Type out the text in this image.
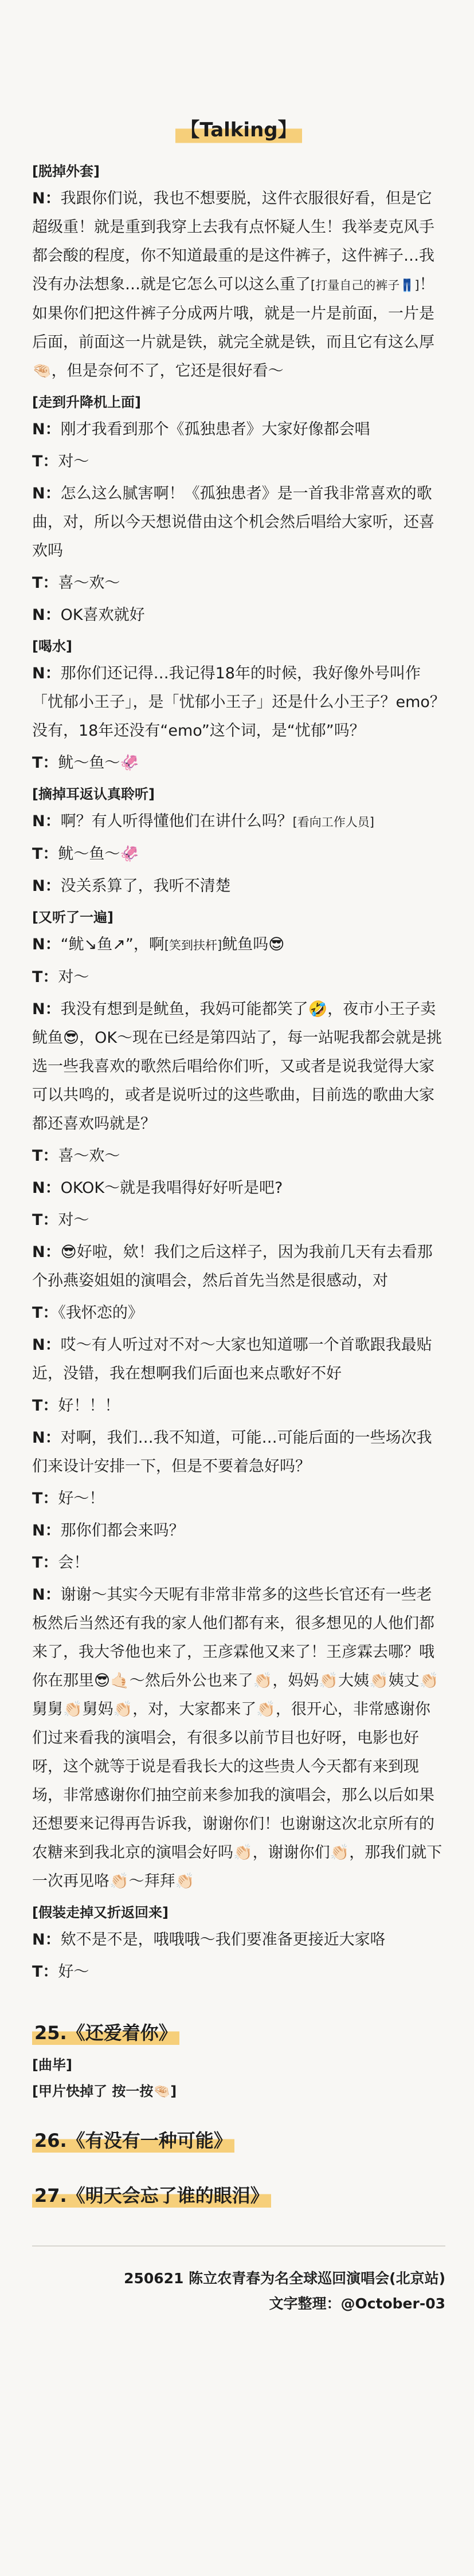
【Talking】

[脱掉外套]

N：我跟你们说，我也不想要脱，这件衣服很好看，但是它超级重！就是重到我穿上去我有点怀疑人生！我举麦克风手都会酸的程度，你不知道最重的是这件裤子，这件裤子…我没有办法想象…就是它怎么可以这么重了[打量自己的裤子👖]！如果你们把这件裤子分成两片哦，就是一片是前面，一片是后面，前面这一片就是铁，就完全就是铁，而且它有这么厚🤏🏻，但是奈何不了，它还是很好看～

[走到升降机上面]

N：刚才我看到那个《孤独患者》大家好像都会唱

T：对～

N：怎么这么腻害啊！《孤独患者》是一首我非常喜欢的歌曲，对，所以今天想说借由这个机会然后唱给大家听，还喜欢吗

T：喜～欢～

N：OK喜欢就好

[喝水]

N：那你们还记得…我记得18年的时候，我好像外号叫作「忧郁小王子」，是「忧郁小王子」还是什么小王子？emo？没有，18年还没有“emo”这个词，是“忧郁”吗？

T：鱿～鱼～🦑

[摘掉耳返认真聆听]

N：啊？有人听得懂他们在讲什么吗？[看向工作人员]

T：鱿～鱼～🦑

N：没关系算了，我听不清楚

[又听了一遍]

N：“鱿↘鱼↗”，啊[笑到扶杆]鱿鱼吗😎

T：对～

N：我没有想到是鱿鱼，我妈可能都笑了🤣，夜市小王子卖鱿鱼😎，OK～现在已经是第四站了，每一站呢我都会就是挑选一些我喜欢的歌然后唱给你们听，又或者是说我觉得大家可以共鸣的，或者是说听过的这些歌曲，目前选的歌曲大家都还喜欢吗就是？

T：喜～欢～

N：OKOK～就是我唱得好好听是吧?

T：对～

N：😎好啦，欸！我们之后这样子，因为我前几天有去看那个孙燕姿姐姐的演唱会，然后首先当然是很感动，对

T：《我怀恋的》

N：哎～有人听过对不对～大家也知道哪一个首歌跟我最贴近，没错，我在想啊我们后面也来点歌好不好

T：好！！！

N：对啊，我们…我不知道，可能…可能后面的一些场次我们来设计安排一下，但是不要着急好吗？

T：好～！

N：那你们都会来吗？

T：会！

N：谢谢～其实今天呢有非常非常多的这些长官还有一些老板然后当然还有我的家人他们都有来，很多想见的人他们都来了，我大爷他也来了，王彦霖他又来了！王彦霖去哪？哦你在那里😎🤙🏻～然后外公也来了👏🏻，妈妈👏🏻大姨👏🏻姨丈👏🏻舅舅👏🏻舅妈👏🏻，对，大家都来了👏🏻，很开心，非常感谢你们过来看我的演唱会，有很多以前节目也好呀，电影也好呀，这个就等于说是看我长大的这些贵人今天都有来到现场，非常感谢你们抽空前来参加我的演唱会，那么以后如果还想要来记得再告诉我，谢谢你们！也谢谢这次北京所有的农糖来到我北京的演唱会好吗👏🏻，谢谢你们👏🏻，那我们就下一次再见咯👏🏻～拜拜👏🏻

[假装走掉又折返回来]

N：欸不是不是，哦哦哦～我们要准备更接近大家咯

T：好～

25.《还爱着你》

[曲毕]

[甲片快掉了 按一按🤏🏻]

26.《有没有一种可能》
27.《明天会忘了谁的眼泪》

250621 陈立农青春为名全球巡回演唱会(北京站)

文字整理：@October-03
